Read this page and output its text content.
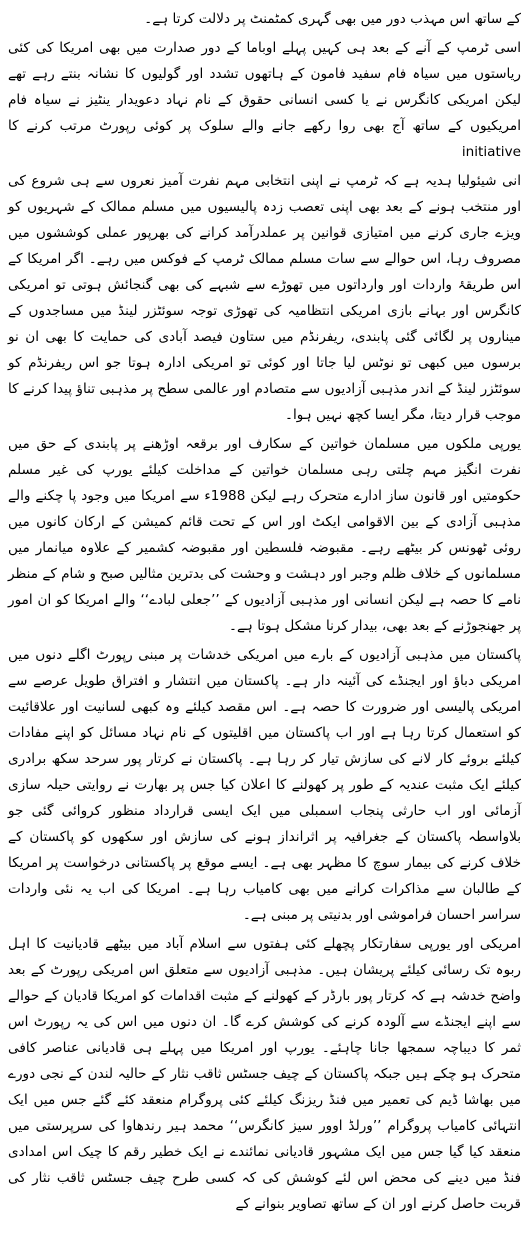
کے ساتھ اس مہذب دور میں بھی گہری کمٹمنٹ پر دلالت کرتا ہے۔

اسی ٹرمپ کے آنے کے بعد ہی کہیں پہلے اوباما کے دور صدارت میں بھی امریکا کی کئی ریاستوں میں سیاہ فام سفید فامون کے ہاتھوں تشدد اور گولیوں کا نشانہ بنتے رہے تھے لیکن امریکی کانگرس نے یا کسی انسانی حقوق کے نام نہاد دعویدار ینٹیز نے سیاہ فام امریکیوں کے ساتھ آج بھی روا رکھے جانے والے سلوک پر کوئی رپورٹ مرتب کرنے کا initiative

انی شیئولیا ہدیہ ہے کہ ٹرمپ نے اپنی انتخابی مہم نفرت آمیز نعروں سے ہی شروع کی اور منتخب ہونے کے بعد بھی اپنی تعصب زدہ پالیسیوں میں مسلم ممالک کے شہریوں کو ویزے جاری کرنے میں امتیازی قوانین پر عملدرآمد کرانے کی بھرپور عملی کوششوں میں مصروف رہا، اس حوالے سے سات مسلم ممالک ٹرمپ کے فوکس میں رہے۔ اگر امریکا کے اس طریقۂ واردات اور وارداتوں میں تھوڑے سے شبہے کی بھی گنجائش ہوتی تو امریکی کانگرس اور بہانے بازی امریکی انتظامیہ کی تھوڑی توجہ سوئٹزر لینڈ میں مساجدوں کے میناروں پر لگائی گئی پابندی، ریفرنڈم میں ستاون فیصد آبادی کی حمایت کا بھی ان نو برسوں میں کبھی تو نوٹس لیا جاتا اور کوئی تو امریکی ادارہ ہوتا جو اس ریفرنڈم کو سوئٹزر لینڈ کے اندر مذہبی آزادیوں سے متصادم اور عالمی سطح پر مذہبی تناؤ پیدا کرنے کا موجب قرار دیتا، مگر ایسا کچھ نہیں ہوا۔

یورپی ملکوں میں مسلمان خواتین کے سکارف اور برقعہ اوڑھنے پر پابندی کے حق میں نفرت انگیز مہم چلتی رہی مسلمان خواتین کے مداخلت کیلئے یورپ کی غیر مسلم حکومتیں اور قانون ساز ادارے متحرک رہے لیکن 1988ء سے امریکا میں وجود پا چکنے والے مذہبی آزادی کے بین الاقوامی ایکٹ اور اس کے تحت قائم کمیشن کے ارکان کانوں میں روئی ٹھونس کر بیٹھے رہے۔ مقبوضہ فلسطین اور مقبوضہ کشمیر کے علاوہ میانمار میں مسلمانوں کے خلاف ظلم وجبر اور دہشت و وحشت کی بدترین مثالیں صبح و شام کے منظر نامے کا حصہ ہے لیکن انسانی اور مذہبی آزادیوں کے ’’جعلی لبادے‘‘ والے امریکا کو ان امور پر جھنجوڑنے کے بعد بھی، بیدار کرنا مشکل ہوتا ہے۔

پاکستان میں مذہبی آزادیوں کے بارے میں امریکی خدشات پر مبنی رپورٹ اگلے دنوں میں امریکی دباؤ اور ایجنڈے کی آئینہ دار ہے۔ پاکستان میں انتشار و افتراق طویل عرصے سے امریکی پالیسی اور ضرورت کا حصہ ہے۔ اس مقصد کیلئے وہ کبھی لسانیت اور علاقائیت کو استعمال کرتا رہا ہے اور اب پاکستان میں اقلیتوں کے نام نہاد مسائل کو اپنے مفادات کیلئے بروئے کار لانے کی سازش تیار کر رہا ہے۔ پاکستان نے کرتار پور سرحد سکھ برادری کیلئے ایک مثبت عندیہ کے طور پر کھولنے کا اعلان کیا جس پر بھارت نے روایتی حیلہ سازی آزمائی اور اب حارثی پنجاب اسمبلی میں ایک ایسی قرارداد منظور کروائی گئی جو بلاواسطہ پاکستان کے جغرافیہ پر اثرانداز ہونے کی سازش اور سکھوں کو پاکستان کے خلاف کرنے کی بیمار سوچ کا مظہر بھی ہے۔ ایسے موقع پر پاکستانی درخواست پر امریکا کے طالبان سے مذاکرات کرانے میں بھی کامیاب رہا ہے۔ امریکا کی اب یہ نئی واردات سراسر احسان فراموشی اور بدنیتی پر مبنی ہے۔

امریکی اور یورپی سفارتکار پچھلے کئی ہفتوں سے اسلام آباد میں بیٹھے قادیانیت کا اہل ربوہ تک رسائی کیلئے پریشان ہیں۔ مذہبی آزادیوں سے متعلق اس امریکی رپورٹ کے بعد واضح خدشہ ہے کہ کرتار پور بارڈر کے کھولنے کے مثبت اقدامات کو امریکا قادیان کے حوالے سے اپنے ایجنڈے سے آلودہ کرنے کی کوشش کرے گا۔ ان دنوں میں اس کی یہ رپورٹ اس ثمر کا دیباچہ سمجھا جانا چاہئے۔ یورپ اور امریکا میں پہلے ہی قادیانی عناصر کافی متحرک ہو چکے ہیں جبکہ پاکستان کے چیف جسٹس ثاقب نثار کے حالیہ لندن کے نجی دورے میں بھاشا ڈیم کی تعمیر میں فنڈ ریزنگ کیلئے کئی پروگرام منعقد کئے گئے جس میں ایک انتہائی کامیاب پروگرام ’’ورلڈ اوور سیز کانگرس‘‘ محمد ہیر رندھاوا کی سرپرستی میں منعقد کیا گیا جس میں ایک مشہور قادیانی نمائندے نے ایک خطیر رقم کا چیک اس امدادی فنڈ میں دینے کی محض اس لئے کوشش کی کہ کسی طرح چیف جسٹس ثاقب نثار کی قربت حاصل کرنے اور ان کے ساتھ تصاویر بنوانے کے
